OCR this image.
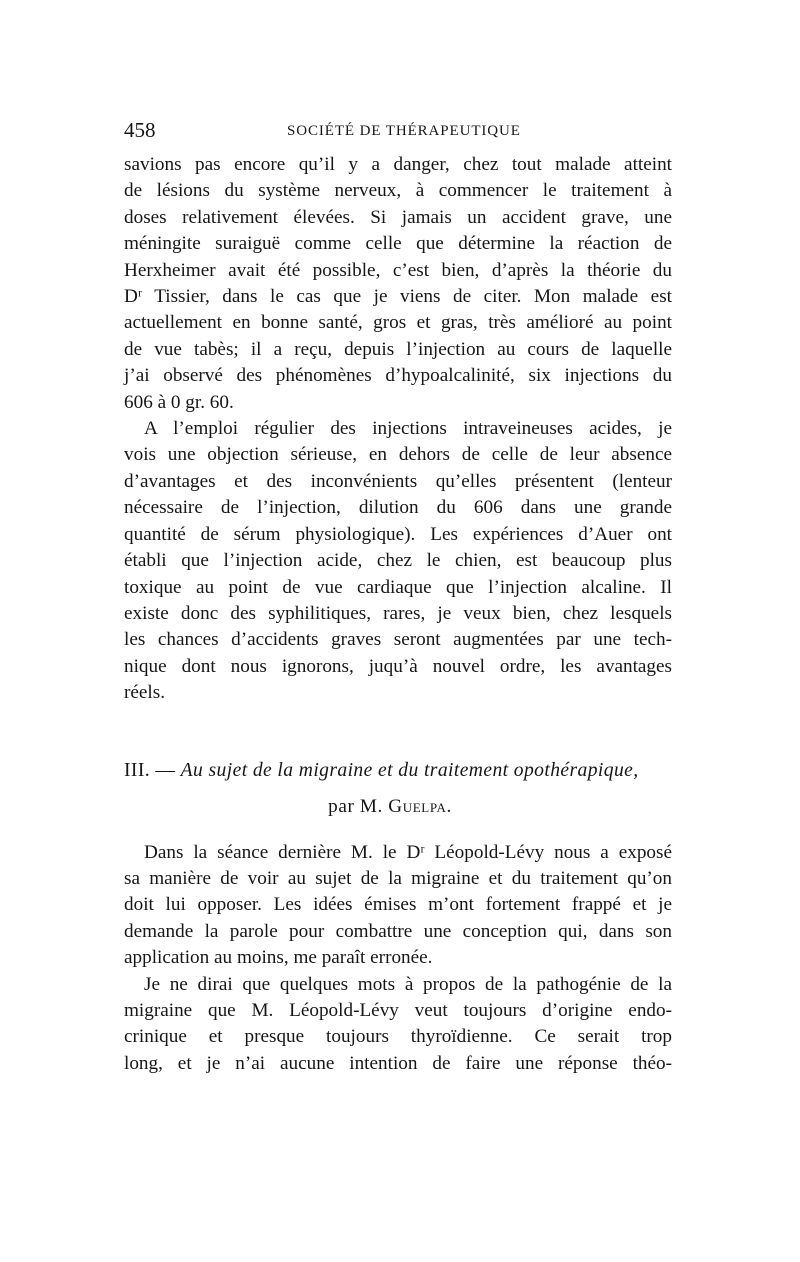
458	SOCIÉTÉ DE THÉRAPEUTIQUE
savions pas encore qu’il y a danger, chez tout malade atteint
de lésions du système nerveux, à commencer le traitement à
doses relativement élevées. Si jamais un accident grave, une
méningite suraiguë comme celle que détermine la réaction de
Herxheimer avait été possible, c’est bien, d’après la théorie du
Dʳ Tissier, dans le cas que je viens de citer. Mon malade est
actuellement en bonne santé, gros et gras, très amélioré au point
de vue tabès; il a reçu, depuis l’injection au cours de laquelle
j’ai observé des phénomènes d’hypoalcalinité, six injections du
606 à 0 gr. 60.
A l’emploi régulier des injections intraveineuses acides, je
vois une objection sérieuse, en dehors de celle de leur absence
d’avantages et des inconvénients qu’elles présentent (lenteur
nécessaire de l’injection, dilution du 606 dans une grande
quantité de sérum physiologique). Les expériences d’Auer ont
établi que l’injection acide, chez le chien, est beaucoup plus
toxique au point de vue cardiaque que l’injection alcaline. Il
existe donc des syphilitiques, rares, je veux bien, chez lesquels
les chances d’accidents graves seront augmentées par une tech-
nique dont nous ignorons, juqu’à nouvel ordre, les avantages
réels.
III. — Au sujet de la migraine et du traitement opothérapique,
par M. Guelpa.
Dans la séance dernière M. le Dʳ Léopold-Lévy nous a exposé
sa manière de voir au sujet de la migraine et du traitement qu’on
doit lui opposer. Les idées émises m’ont fortement frappé et je
demande la parole pour combattre une conception qui, dans son
application au moins, me paraît erronée.
Je ne dirai que quelques mots à propos de la pathogénie de la
migraine que M. Léopold-Lévy veut toujours d’origine endo-
crinique et presque toujours thyroïdienne. Ce serait trop
long, et je n’ai aucune intention de faire une réponse théo-
